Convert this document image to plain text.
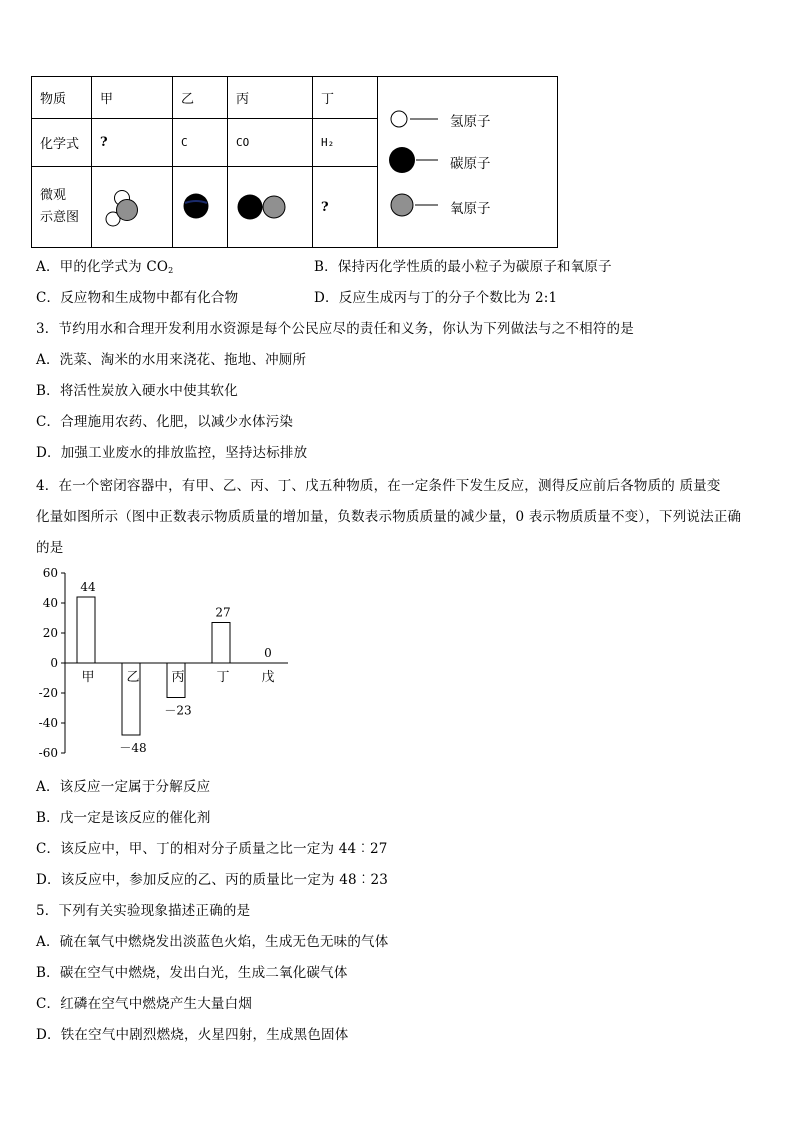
物质	甲	乙	丙	丁	氢原子
碳原子
氧原子

化学式	?	C	CO	H₂	

微观
示意图				?	
A．甲的化学式为 $CO_2$	B．保持丙化学性质的最小粒子为碳原子和氧原子
C．反应物和生成物中都有化合物	D．反应生成丙与丁的分子个数比为 2:1
3．节约用水和合理开发利用水资源是每个公民应尽的责任和义务，你认为下列做法与之不相符的是
A．洗菜、淘米的水用来浇花、拖地、冲厕所
B．将活性炭放入硬水中使其软化
C．合理施用农药、化肥，以减少水体污染
D．加强工业废水的排放监控，坚持达标排放
4．在一个密闭容器中，有甲、乙、丙、丁、戊五种物质，在一定条件下发生反应，测得反应前后各物质的 质量变
化量如图所示（图中正数表示物质质量的增加量，负数表示物质质量的减少量，0 表示物质质量不变），下列说法正确
的是
60
40
20
0
-20
-40
-60
甲
44
乙
－48
丙
－23
丁
27
戊
0
A．该反应一定属于分解反应
B．戊一定是该反应的催化剂
C．该反应中，甲、丁的相对分子质量之比一定为 44︰27
D．该反应中，参加反应的乙、丙的质量比一定为 48︰23
5．下列有关实验现象描述正确的是
A．硫在氧气中燃烧发出淡蓝色火焰，生成无色无味的气体
B．碳在空气中燃烧，发出白光，生成二氧化碳气体
C．红磷在空气中燃烧产生大量白烟
D．铁在空气中剧烈燃烧，火星四射，生成黑色固体
